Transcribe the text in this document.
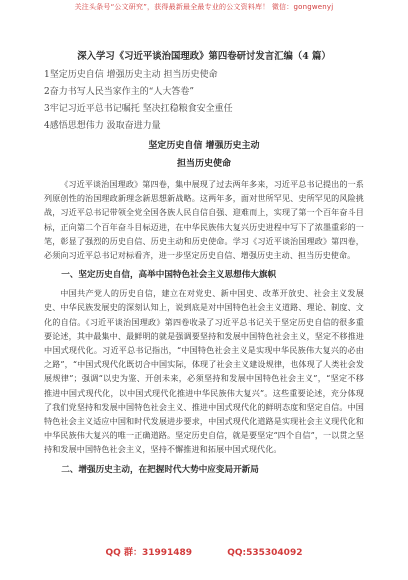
关注头条号“公文研究”，获得最新最全最专业的公文资料库！ 微信：gongwenyj
深入学习《习近平谈治国理政》第四卷研讨发言汇编（4 篇）
1坚定历史自信 增强历史主动 担当历史使命
2奋力书写人民当家作主的“人大答卷”
3牢记习近平总书记嘱托 坚决扛稳粮食安全重任
4感悟思想伟力 汲取奋进力量
坚定历史自信 增强历史主动
担当历史使命

《习近平谈治国理政》第四卷，集中展现了过去两年多来，习近平总书记提出的一系列原创性的治国理政新理念新思想新战略。这两年多，面对世所罕见、史所罕见的风险挑战，习近平总书记带领全党全国各族人民自信自强、迎难而上，实现了第一个百年奋斗目标，正向第二个百年奋斗目标迈进，在中华民族伟大复兴历史进程中写下了浓墨重彩的一笔，彰显了强烈的历史自信、历史主动和历史使命。学习《习近平谈治国理政》第四卷，必须向习近平总书记对标看齐，进一步坚定历史自信、增强历史主动、担当历史使命。

一、坚定历史自信，高举中国特色社会主义思想伟大旗帜

中国共产党人的历史自信，建立在对党史、新中国史、改革开放史、社会主义发展史、中华民族发展史的深刻认知上，说到底是对中国特色社会主义道路、理论、制度、文化的自信。《习近平谈治国理政》第四卷收录了习近平总书记关于坚定历史自信的很多重要论述，其中最集中、最鲜明的就是强调要坚持和发展中国特色社会主义，坚定不移推进中国式现代化。习近平总书记指出，“中国特色社会主义是实现中华民族伟大复兴的必由之路”，“中国式现代化既切合中国实际，体现了社会主义建设规律，也体现了人类社会发展规律”；强调“以史为鉴、开创未来，必须坚持和发展中国特色社会主义”，“坚定不移推进中国式现代化，以中国式现代化推进中华民族伟大复兴”。这些重要论述，充分体现了我们党坚持和发展中国特色社会主义、推进中国式现代化的鲜明态度和坚定自信。中国特色社会主义适应中国和时代发展进步要求，中国式现代化道路是实现社会主义现代化和中华民族伟大复兴的唯一正确道路。坚定历史自信，就是要坚定“四个自信”，一以贯之坚持和发展中国特色社会主义，坚持不懈推进和拓展中国式现代化。

二、增强历史主动，在把握时代大势中应变局开新局
QQ 群：31991489	QQ:535304092
